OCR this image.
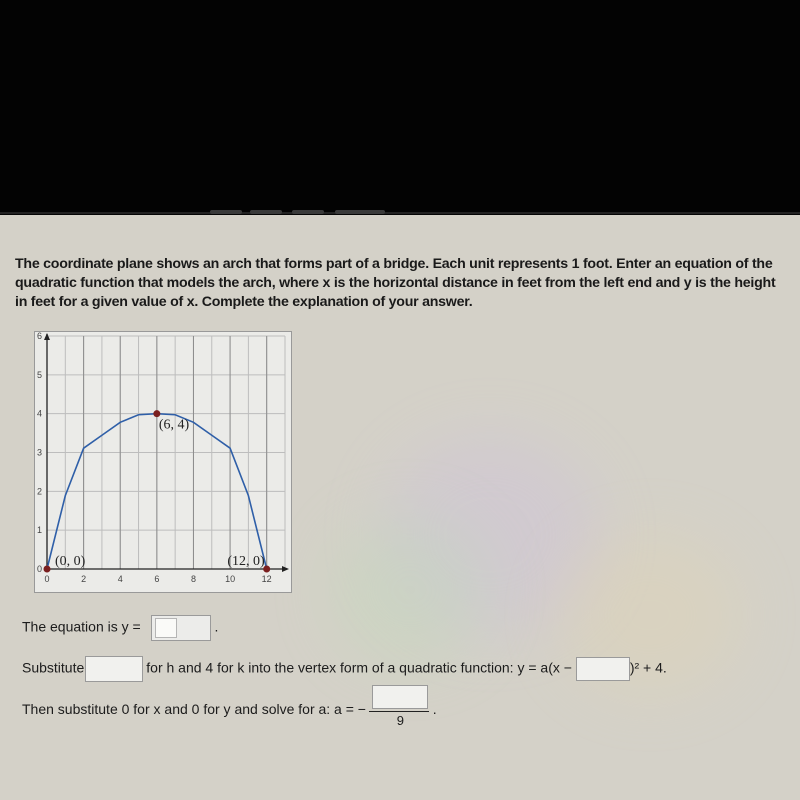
The coordinate plane shows an arch that forms part of a bridge. Each unit represents 1 foot. Enter an equation of the quadratic function that models the arch, where x is the horizontal distance in feet from the left end and y is the height in feet for a given value of x. Complete the explanation of your answer.
0	2	4	6	8	10	12
0
1
2
3
4
5
6
(0, 0)
(6, 4)
(12, 0)
The equation is y =	.
Substitute	for h and 4 for k into the vertex form of a quadratic function: y = a(x −	)² + 4.
Then substitute 0 for x and 0 for y and solve for a: a = −
9
.
